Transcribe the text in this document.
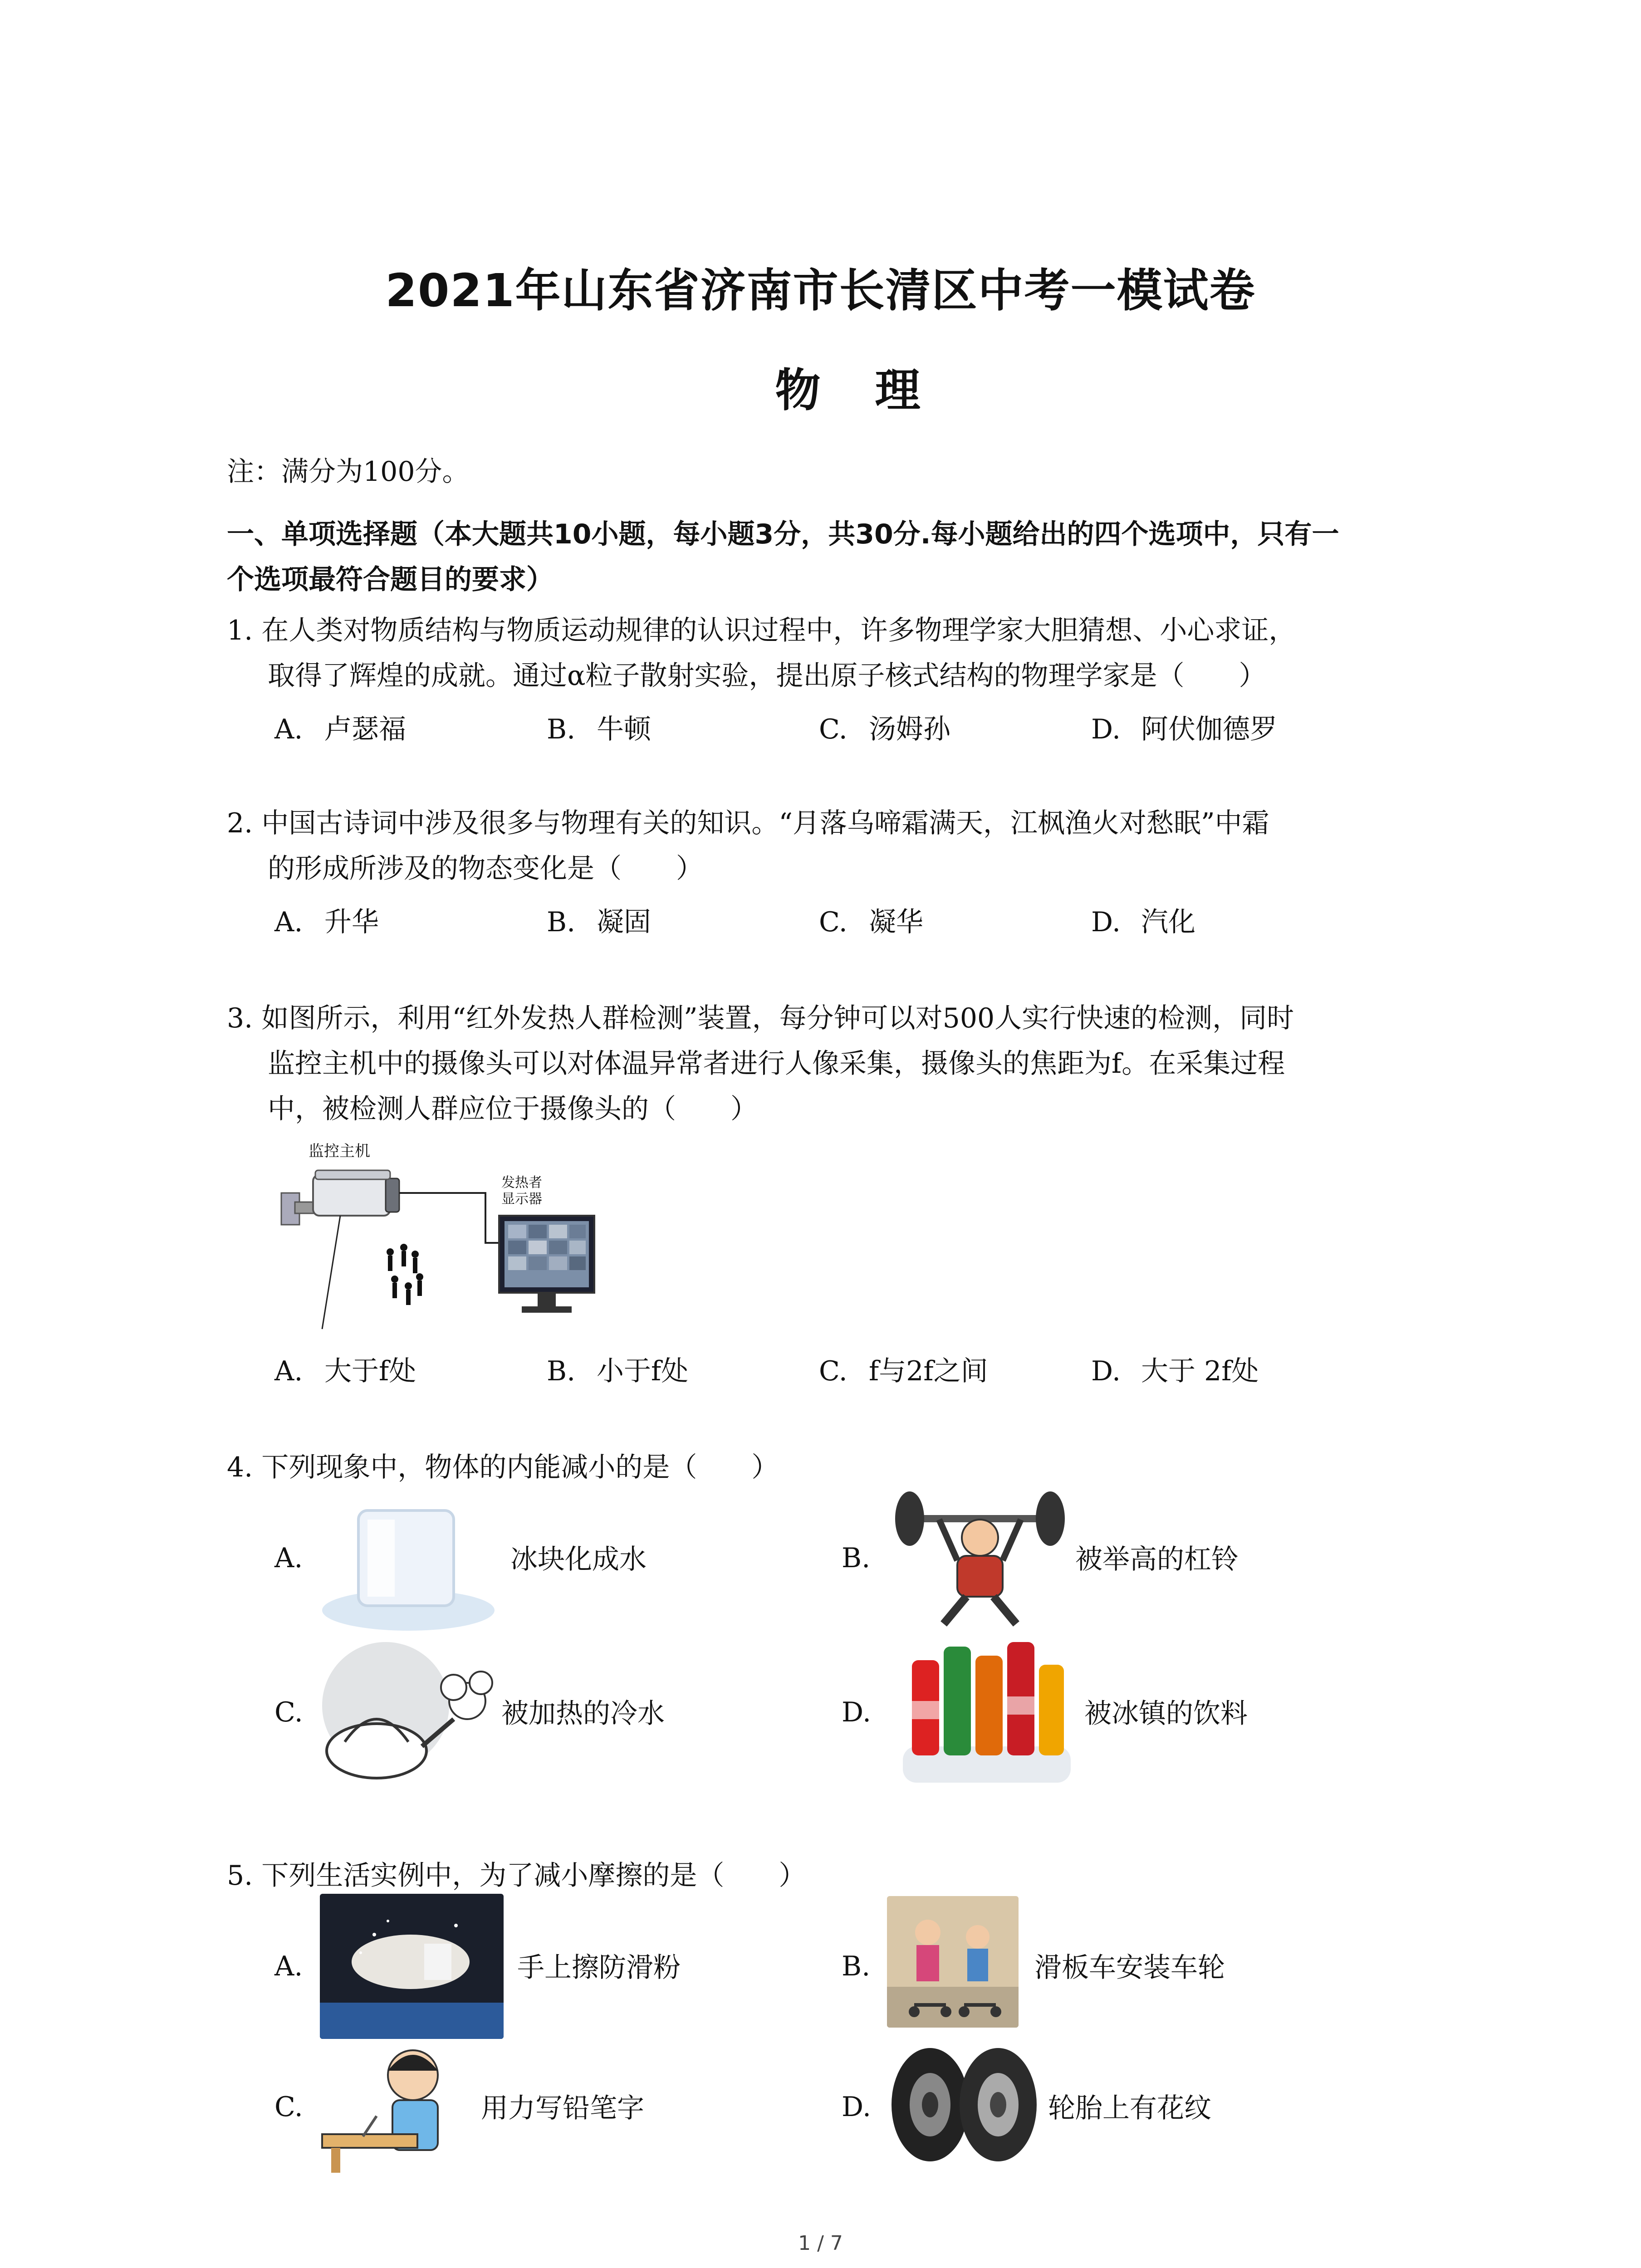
2021年山东省济南市长清区中考一模试卷
物理
注：满分为100分。
一、单项选择题（本大题共10小题，每小题3分，共30分.每小题给出的四个选项中，只有一
个选项最符合题目的要求）
1. 在人类对物质结构与物质运动规律的认识过程中，许多物理学家大胆猜想、小心求证，
取得了辉煌的成就。通过α粒子散射实验，提出原子核式结构的物理学家是（　　）
A. 卢瑟福	B. 牛顿	C. 汤姆孙	D. 阿伏伽德罗
2. 中国古诗词中涉及很多与物理有关的知识。“月落乌啼霜满天，江枫渔火对愁眠”中霜
的形成所涉及的物态变化是（　　）
A. 升华	B. 凝固	C. 凝华	D. 汽化
3. 如图所示，利用“红外发热人群检测”装置，每分钟可以对500人实行快速的检测，同时
监控主机中的摄像头可以对体温异常者进行人像采集，摄像头的焦距为f。在采集过程
中，被检测人群应位于摄像头的（　　）
监控主机
发热者
显示器
A. 大于f处	B. 小于f处	C. f与2f之间	D. 大于 2f处
4. 下列现象中，物体的内能减小的是（　　）
A.	冰块化成水	B.	被举高的杠铃
C.	被加热的冷水	D.	被冰镇的饮料
5. 下列生活实例中，为了减小摩擦的是（　　）
A.	手上擦防滑粉	B.	滑板车安装车轮
C.	用力写铅笔字	D.	轮胎上有花纹
1 / 7
